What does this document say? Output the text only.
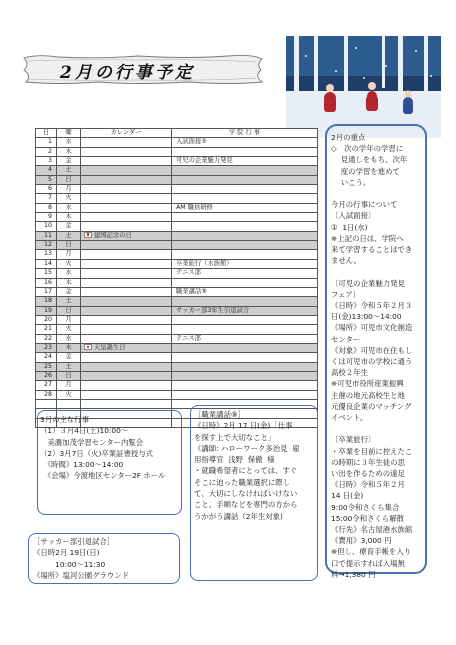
2月の行事予定
日	曜	カレンダー	学 院 行 事
1	水		入試面接⑤
2	木		
3	金		可児の企業魅力発見
4	土		
5	日		
6	月		
7	火		
8	水		AM 職員研修
9	木		
10	金		
11	土	建国記念の日	
12	日		
13	月		
14	火		卒業旅行（水族館）
15	水		テニス部
16	木		
17	金		職業講話⑨
18	土		
19	日		サッカー部3年生引退試合
20	月		
21	火		
22	水		テニス部
23	木	天皇誕生日	
24	金		
25	土		
26	日		
27	月		
28	火		

2月の重点
◇　次の学年の学習に
　 見通しをもち、次年
　 度の学習を進めて
　 いこう。
今月の行事について
〔入試面接〕
①  1日(水)
※上記の日は、学院へ
来て学習することはでき
ません。
〔可児の企業魅力発見
フェア〕
《日時》令和５年２月３
日(金)13:00～14:00
《場所》可児市文化創造
センター
《対象》可児市在住もし
くは可児市の学校に通う
高校２年生
※可児市役所産業振興
主催の地元高校生と地
元優良企業のマッチング
イベント。
〔卒業旅行〕
・卒業を目前に控えたこ
の時期に３年生徒の思
い出を作るための遠足
《日時》令和５年２月
14 日(金)
9:00令和さくら集合
15:00令和さくら解散
《行先》名古屋港水族館
《費用》3,000 円
※但し、療育手帳を入り
口で提示すれば入場無
料→1,380 円
3月の主な行事
（1）３月4日(土)10:00～
　美濃加茂学習センター内覧会
（2）3月7日（火)卒業証書授与式
　《時間》13:00～14:00
　《会場》今渡地区センター2F ホール
［サッカー部引退試合］
《日時2月 19日(日)
　　　10:00～11:30
《場所》塩河公園グラウンド
［職業講話⑨］
《日時》2月 17 日(金)「仕事
を探す上で大切なこと」
《講師: ハローワーク多治見  雇
用指導官  浅野  保徹  様
・就職希望者にとっては、すぐ
そこに迫った職業選択に際し
て、大切にしなければいけない
こと、手順などを専門の方から
うかがう講話（2年生対象)
